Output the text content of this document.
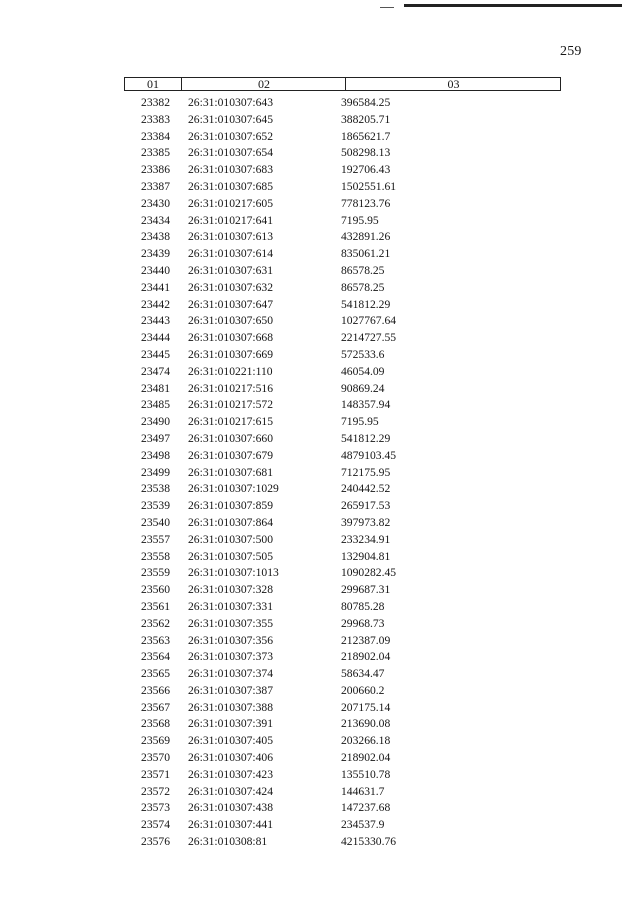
259
01	02	03
23382 26:31:010307:643	396584.25
23383 26:31:010307:645	388205.71
23384 26:31:010307:652	1865621.7
23385 26:31:010307:654	508298.13
23386 26:31:010307:683	192706.43
23387 26:31:010307:685	1502551.61
23430 26:31:010217:605	778123.76
23434 26:31:010217:641	7195.95
23438 26:31:010307:613	432891.26
23439 26:31:010307:614	835061.21
23440 26:31:010307:631	86578.25
23441 26:31:010307:632	86578.25
23442 26:31:010307:647	541812.29
23443 26:31:010307:650	1027767.64
23444 26:31:010307:668	2214727.55
23445 26:31:010307:669	572533.6
23474 26:31:010221:110	46054.09
23481 26:31:010217:516	90869.24
23485 26:31:010217:572	148357.94
23490 26:31:010217:615	7195.95
23497 26:31:010307:660	541812.29
23498 26:31:010307:679	4879103.45
23499 26:31:010307:681	712175.95
23538 26:31:010307:1029	240442.52
23539 26:31:010307:859	265917.53
23540 26:31:010307:864	397973.82
23557 26:31:010307:500	233234.91
23558 26:31:010307:505	132904.81
23559 26:31:010307:1013	1090282.45
23560 26:31:010307:328	299687.31
23561 26:31:010307:331	80785.28
23562 26:31:010307:355	29968.73
23563 26:31:010307:356	212387.09
23564 26:31:010307:373	218902.04
23565 26:31:010307:374	58634.47
23566 26:31:010307:387	200660.2
23567 26:31:010307:388	207175.14
23568 26:31:010307:391	213690.08
23569 26:31:010307:405	203266.18
23570 26:31:010307:406	218902.04
23571 26:31:010307:423	135510.78
23572 26:31:010307:424	144631.7
23573 26:31:010307:438	147237.68
23574 26:31:010307:441	234537.9
23576 26:31:010308:81	4215330.76
